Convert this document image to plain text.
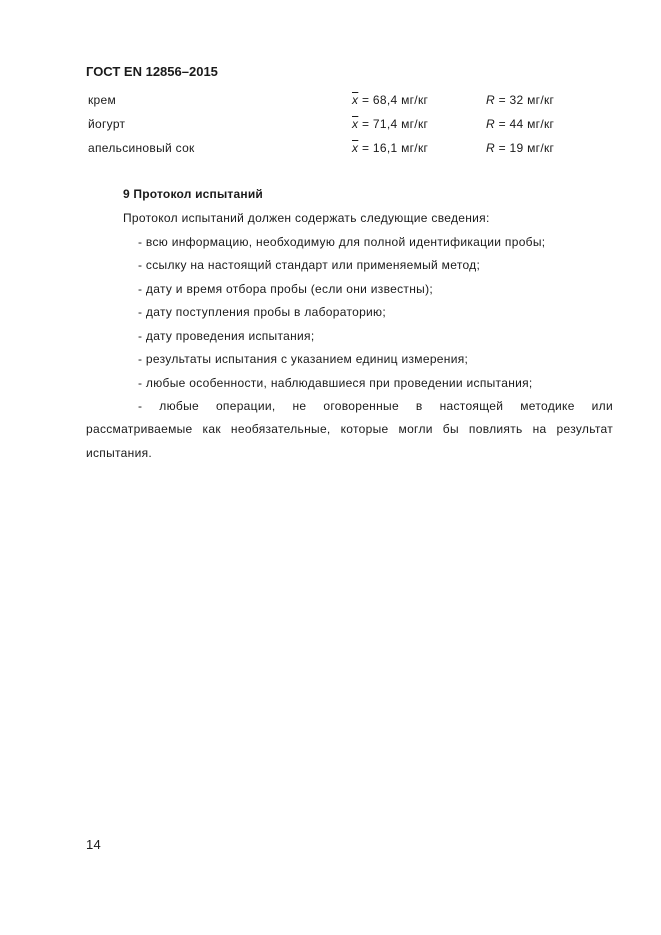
ГОСТ EN 12856–2015
крем	$\overline{x} = 68,4$ мг/кг	R = 32 мг/кг
йогурт	$\overline{x} = 71,4$ мг/кг	R = 44 мг/кг
апельсиновый сок	$\overline{x} = 16,1$ мг/кг	R = 19 мг/кг
9 Протокол испытаний
Протокол испытаний должен содержать следующие сведения:
- всю информацию, необходимую для полной идентификации пробы;
- ссылку на настоящий стандарт или применяемый метод;
- дату и время отбора пробы (если они известны);
- дату поступления пробы в лабораторию;
- дату проведения испытания;
- результаты испытания с указанием единиц измерения;
- любые особенности, наблюдавшиеся при проведении испытания;
- любые операции, не оговоренные в настоящей методике или
рассматриваемые как необязательные, которые могли бы повлиять на результат
испытания.
14
